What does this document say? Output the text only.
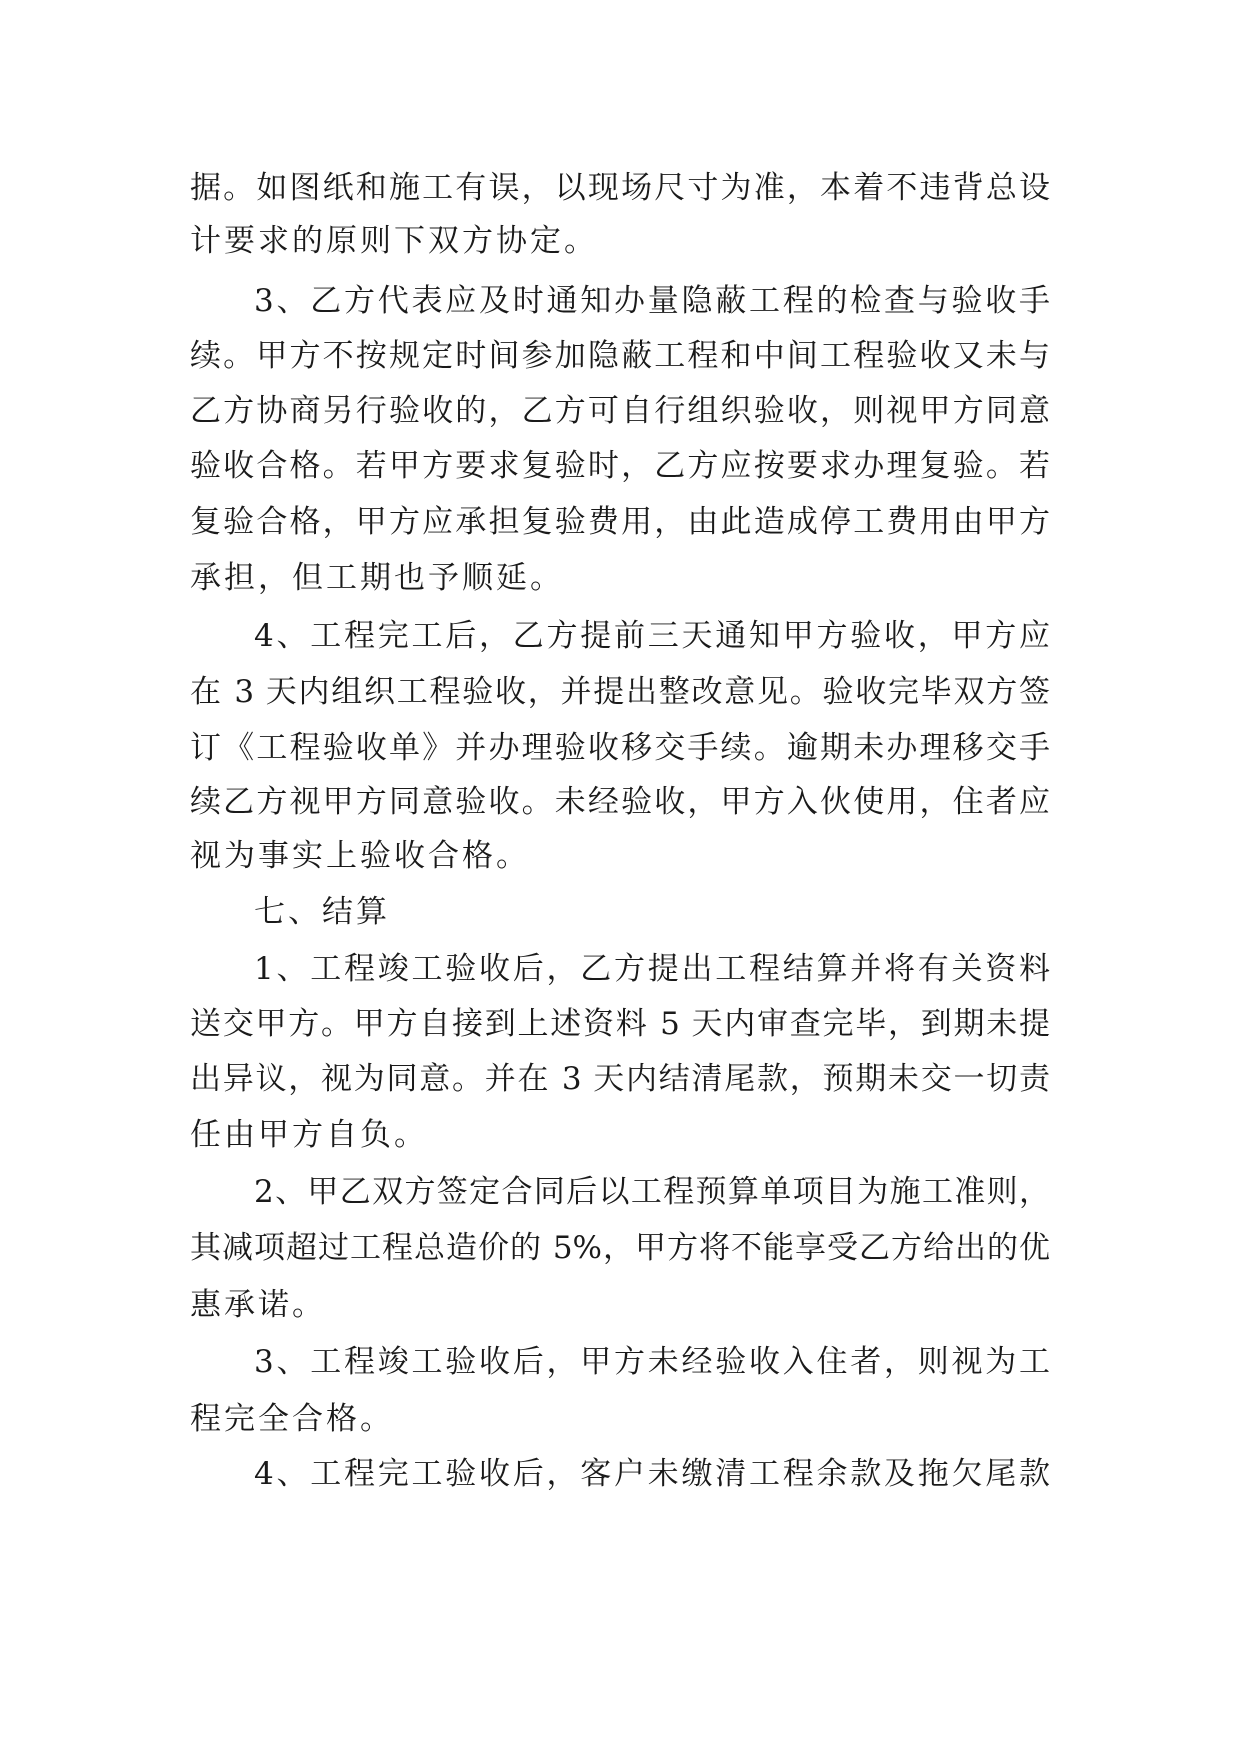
据。如图纸和施工有误，以现场尺寸为准，本着不违背总设
计要求的原则下双方协定。
3、乙方代表应及时通知办量隐蔽工程的检查与验收手
续。甲方不按规定时间参加隐蔽工程和中间工程验收又未与
乙方协商另行验收的，乙方可自行组织验收，则视甲方同意
验收合格。若甲方要求复验时，乙方应按要求办理复验。若
复验合格，甲方应承担复验费用，由此造成停工费用由甲方
承担，但工期也予顺延。
4、工程完工后，乙方提前三天通知甲方验收，甲方应
在 3 天内组织工程验收，并提出整改意见。验收完毕双方签
订《工程验收单》并办理验收移交手续。逾期未办理移交手
续乙方视甲方同意验收。未经验收，甲方入伙使用，住者应
视为事实上验收合格。
七、结算
1、工程竣工验收后，乙方提出工程结算并将有关资料
送交甲方。甲方自接到上述资料 5 天内审查完毕，到期未提
出异议，视为同意。并在 3 天内结清尾款，预期未交一切责
任由甲方自负。
2、甲乙双方签定合同后以工程预算单项目为施工准则，
其减项超过工程总造价的 5%，甲方将不能享受乙方给出的优
惠承诺。
3、工程竣工验收后，甲方未经验收入住者，则视为工
程完全合格。
4、工程完工验收后，客户未缴清工程余款及拖欠尾款
